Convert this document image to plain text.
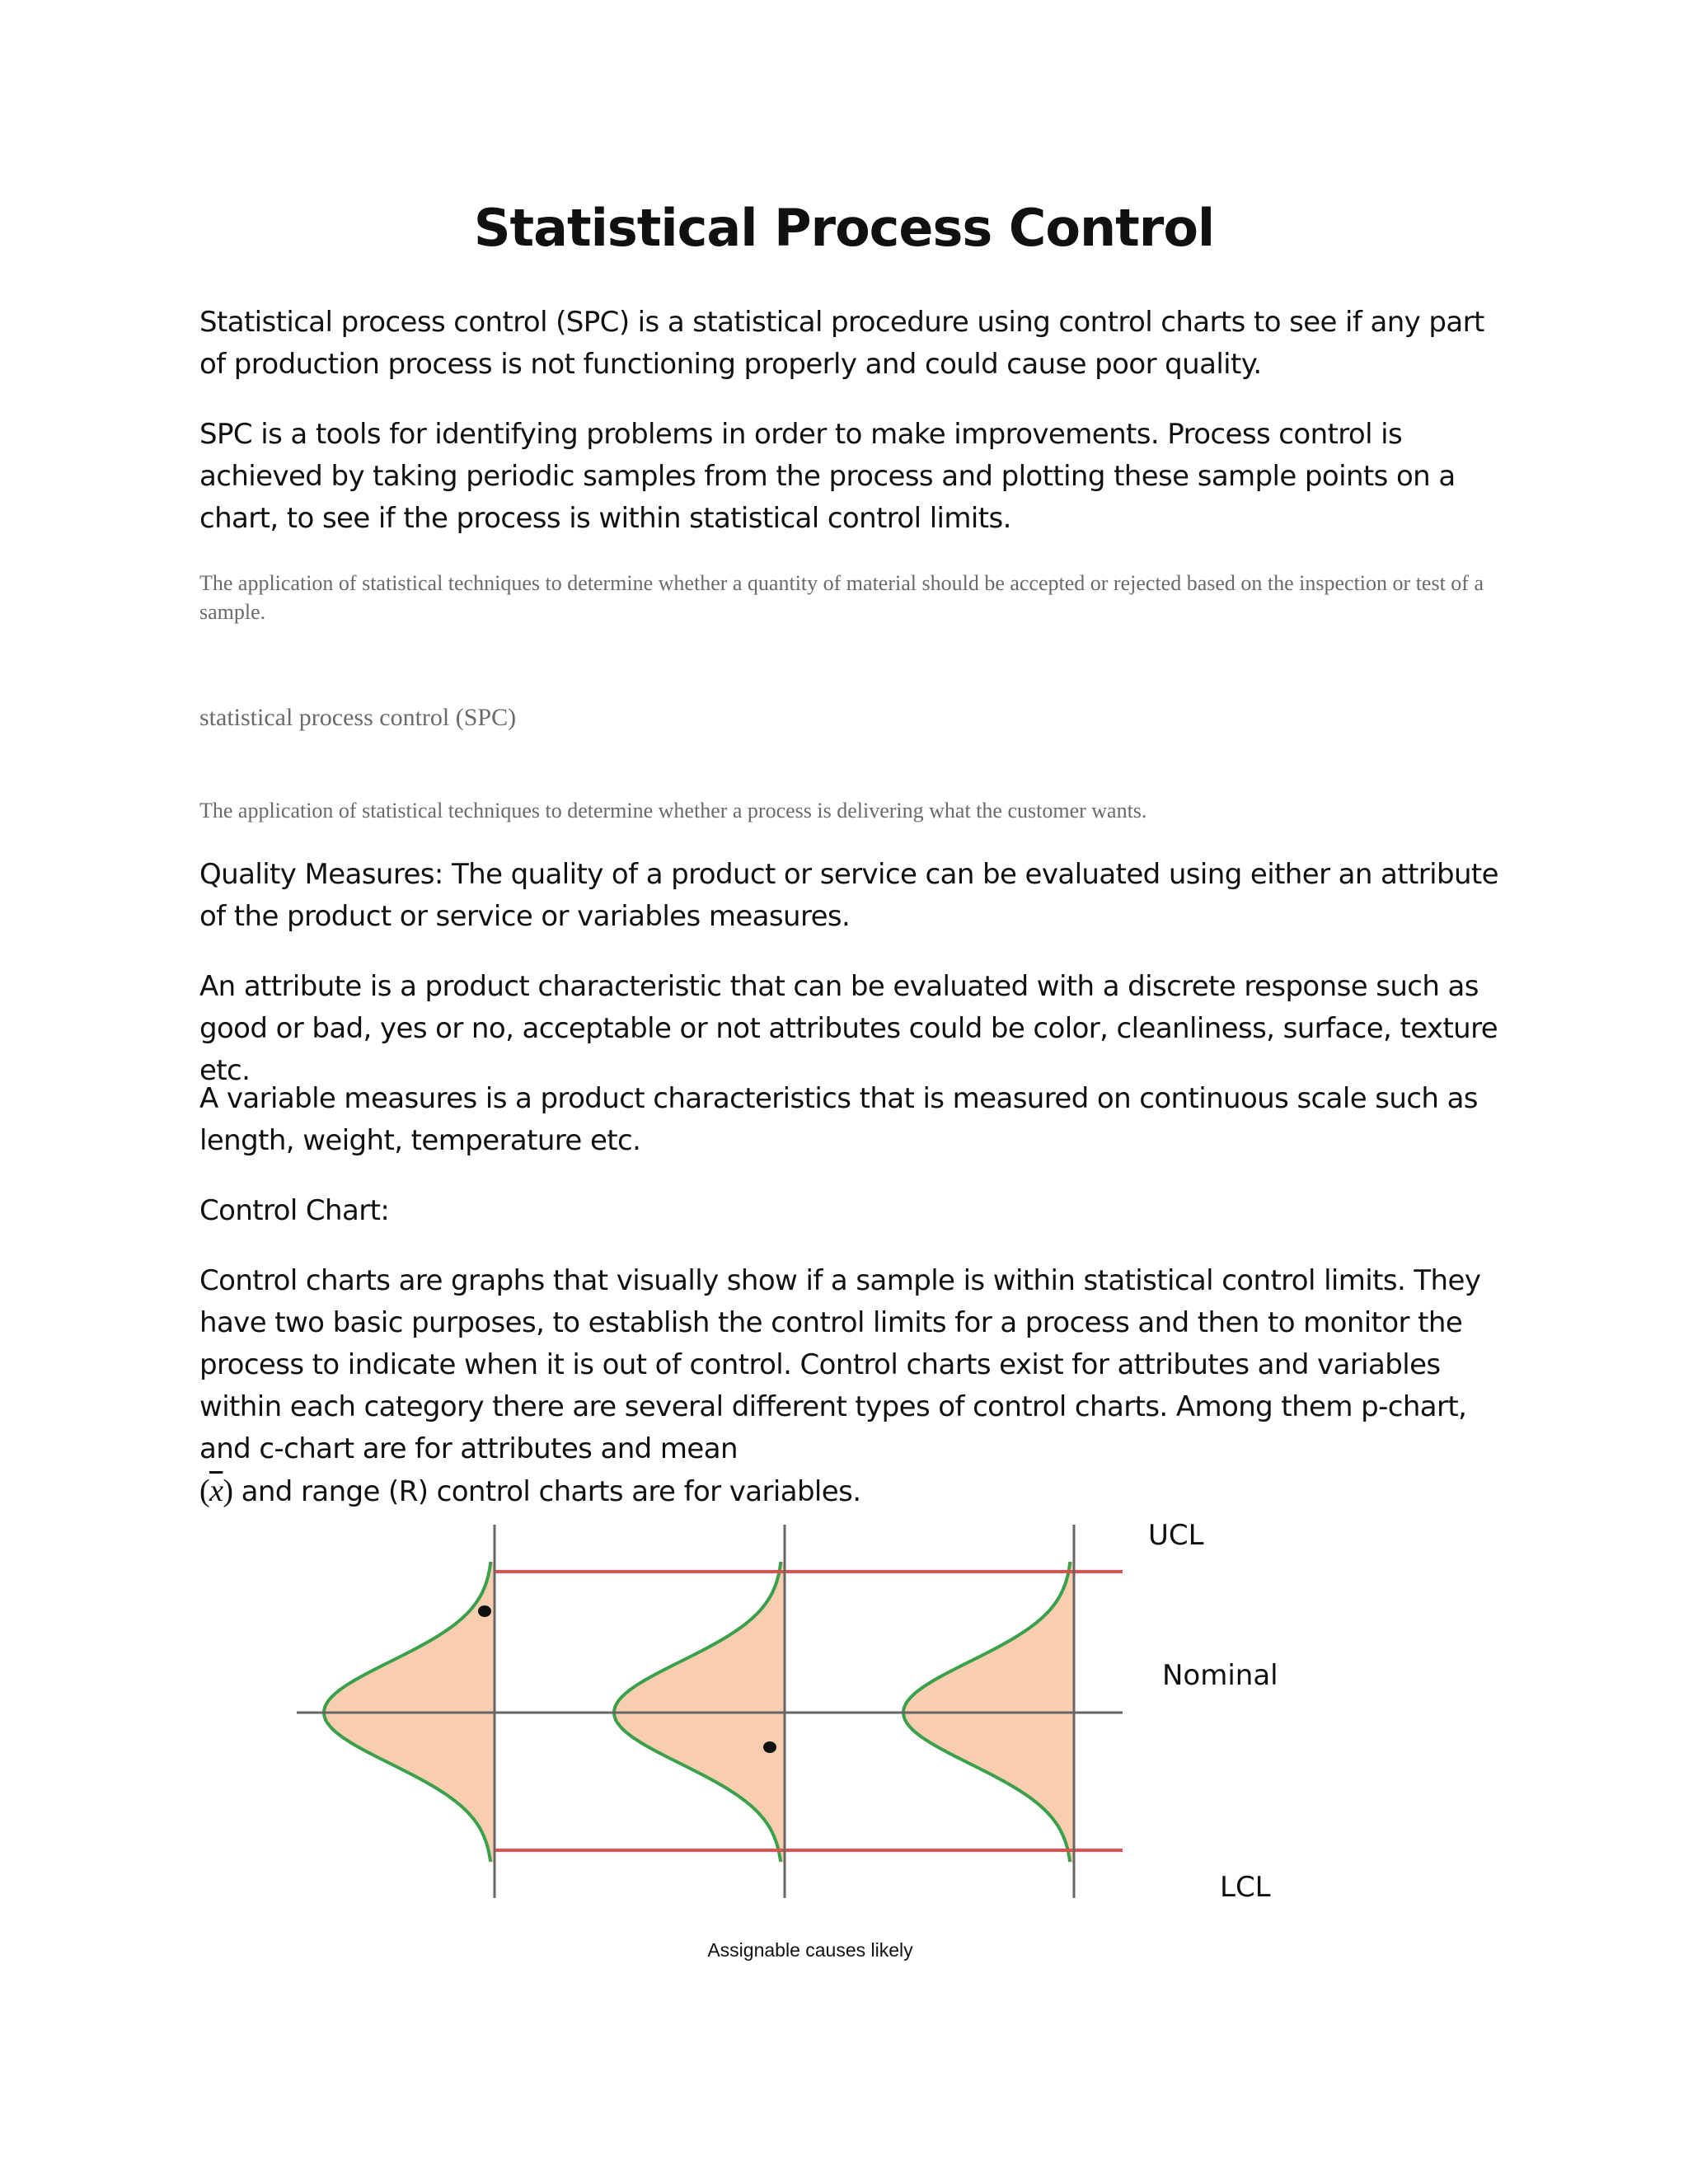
Statistical Process Control
Statistical process control (SPC) is a statistical procedure using control charts to see if any part of production process is not functioning properly and could cause poor quality.
SPC is a tools for identifying problems in order to make improvements. Process control is achieved by taking periodic samples from the process and plotting these sample points on a chart, to see if the process is within statistical control limits.
The application of statistical techniques to determine whether a quantity of material should be accepted or rejected based on the inspection or test of a sample.
statistical process control (SPC)
The application of statistical techniques to determine whether a process is delivering what the customer wants.
Quality Measures: The quality of a product or service can be evaluated using either an attribute of the product or service or variables measures.
An attribute is a product characteristic that can be evaluated with a discrete response such as good or bad, yes or no, acceptable or not attributes could be color, cleanliness, surface, texture etc.
A variable measures is a product characteristics that is measured on continuous scale such as length, weight, temperature etc.
Control Chart:
Control charts are graphs that visually show if a sample is within statistical control limits. They have two basic purposes, to establish the control limits for a process and then to monitor the process to indicate when it is out of control. Control charts exist for attributes and variables within each category there are several different types of control charts. Among them p-chart, and c-chart are for attributes and mean
$(\overline{x})$ and range (R) control charts are for variables.
UCL
Nominal
LCL
Assignable causes likely
